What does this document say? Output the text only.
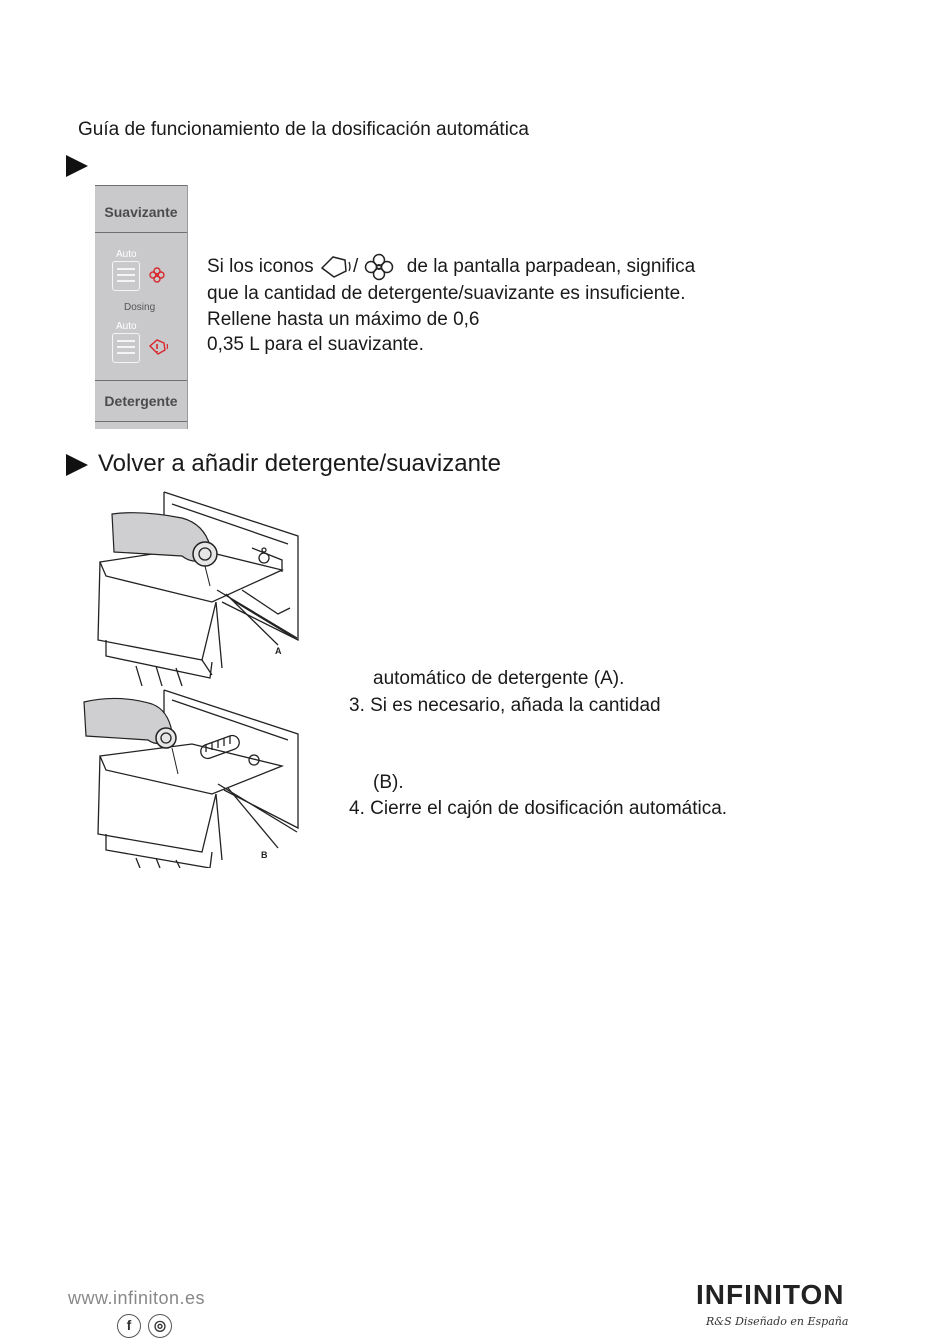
Guía de funcionamiento de la dosificación automática
Suavizante
Auto
Dosing
Auto
Detergente
Si los iconos /	de la pantalla parpadean, significa
que la cantidad de detergente/suavizante es insuficiente.
Rellene hasta un máximo de 0,6
0,35 L para el suavizante.
Volver a añadir detergente/suavizante
A
B
automático de detergente (A).
3. Si es necesario, añada la cantidad
(B).
4. Cierre el cajón de dosificación automática.
www.infiniton.es
f	◎
INFINITON
R&S Diseñado en España
